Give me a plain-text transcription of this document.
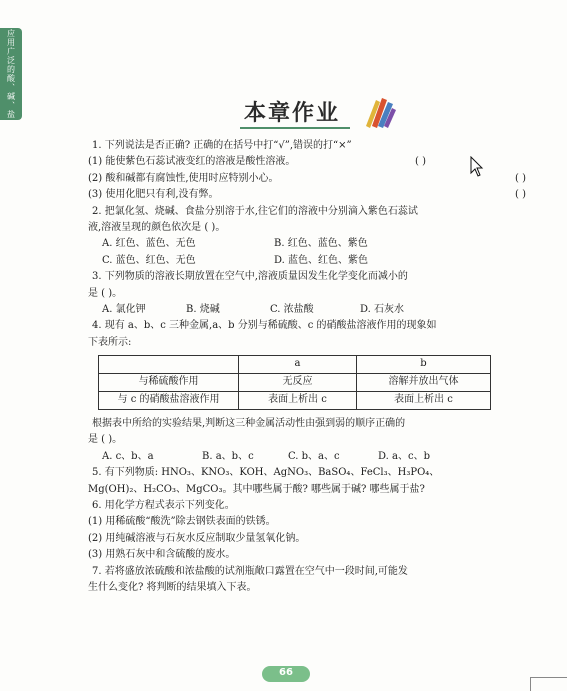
应用广泛的酸、碱、盐	本章作业
1. 下列说法是否正确? 正确的在括号中打“√”,错误的打“×”
(1) 能使紫色石蕊试液变红的溶液是酸性溶液。	( )
(2) 酸和碱都有腐蚀性,使用时应特别小心。	( )
(3) 使用化肥只有利,没有弊。	( )
2. 把氯化氢、烧碱、食盐分别溶于水,往它们的溶液中分别滴入紫色石蕊试
液,溶液呈现的颜色依次是 ( )。
A. 红色、蓝色、无色	B. 红色、蓝色、紫色
C. 蓝色、红色、无色	D. 蓝色、红色、紫色
3. 下列物质的溶液长期放置在空气中,溶液质量因发生化学变化而减小的
是 ( )。
A. 氯化钾	B. 烧碱	C. 浓盐酸	D. 石灰水
4. 现有 a、b、c 三种金属,a、b 分别与稀硫酸、c 的硝酸盐溶液作用的现象如
下表所示:
	a	b
与稀硫酸作用	无反应	溶解并放出气体
与 c 的硝酸盐溶液作用	表面上析出 c	表面上析出 c
根据表中所给的实验结果,判断这三种金属活动性由强到弱的顺序正确的
是 ( )。
A. c、b、a	B. a、b、c	C. b、a、c	D. a、c、b
5. 有下列物质: HNO₃、KNO₃、KOH、AgNO₃、BaSO₄、FeCl₃、H₃PO₄、
Mg(OH)₂、H₂CO₃、MgCO₃。其中哪些属于酸? 哪些属于碱? 哪些属于盐?
6. 用化学方程式表示下列变化。
(1) 用稀硫酸“酸洗”除去钢铁表面的铁锈。
(2) 用纯碱溶液与石灰水反应制取少量氢氧化钠。
(3) 用熟石灰中和含硫酸的废水。
7. 若将盛放浓硫酸和浓盐酸的试剂瓶敞口露置在空气中一段时间,可能发
生什么变化? 将判断的结果填入下表。
66
